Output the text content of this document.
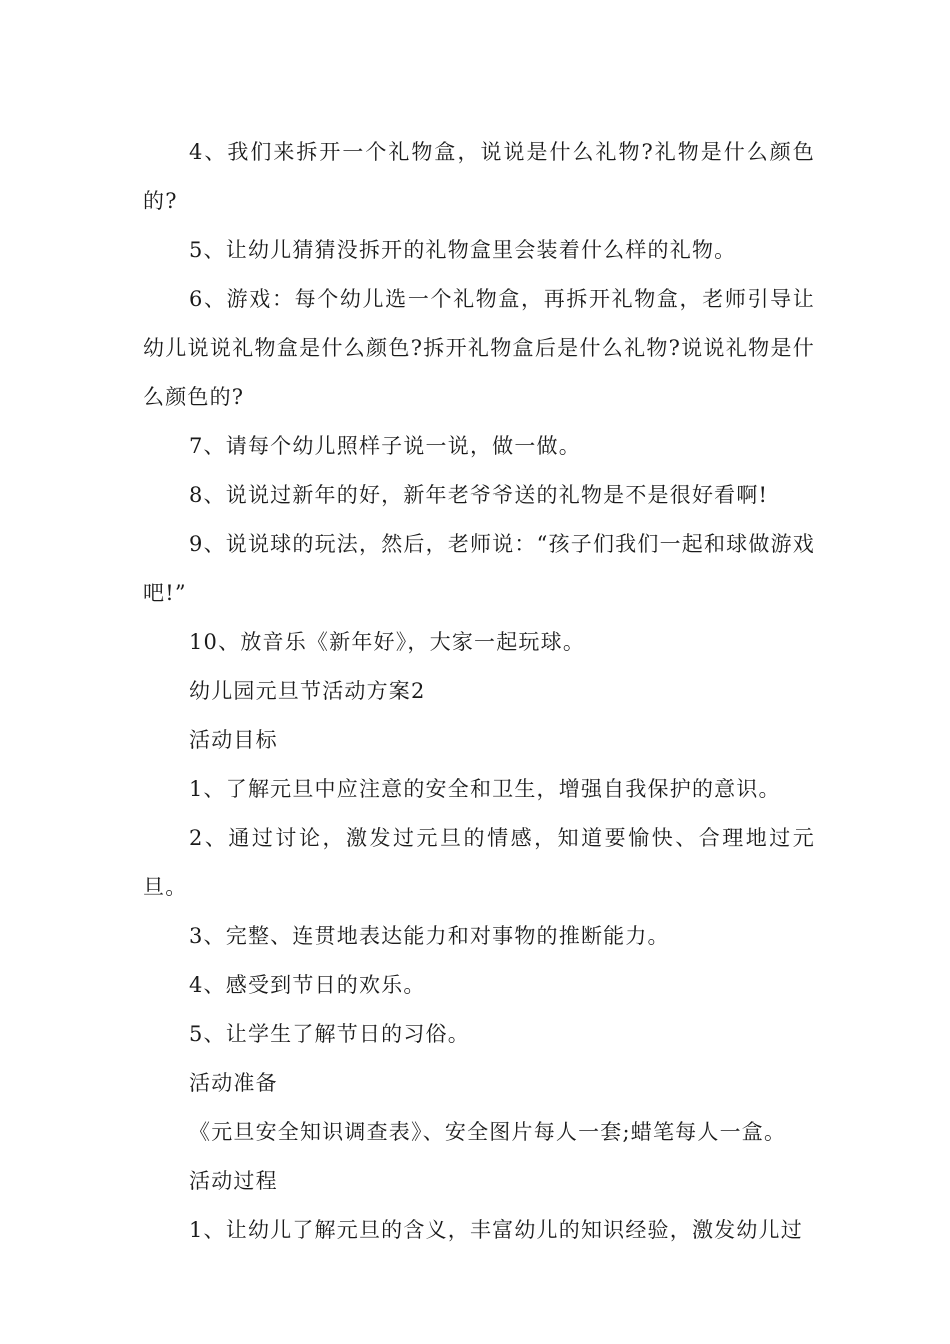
4、我们来拆开一个礼物盒，说说是什么礼物?礼物是什么颜色的?

5、让幼儿猜猜没拆开的礼物盒里会装着什么样的礼物。

6、游戏：每个幼儿选一个礼物盒，再拆开礼物盒，老师引导让幼儿说说礼物盒是什么颜色?拆开礼物盒后是什么礼物?说说礼物是什么颜色的?

7、请每个幼儿照样子说一说，做一做。

8、说说过新年的好，新年老爷爷送的礼物是不是很好看啊!

9、说说球的玩法，然后，老师说：“孩子们我们一起和球做游戏吧!”

10、放音乐《新年好》，大家一起玩球。

幼儿园元旦节活动方案2

活动目标

1、了解元旦中应注意的安全和卫生，增强自我保护的意识。

2、通过讨论，激发过元旦的情感，知道要愉快、合理地过元旦。

3、完整、连贯地表达能力和对事物的推断能力。

4、感受到节日的欢乐。

5、让学生了解节日的习俗。

活动准备

《元旦安全知识调查表》、安全图片每人一套;蜡笔每人一盒。

活动过程

1、让幼儿了解元旦的含义，丰富幼儿的知识经验，激发幼儿过
